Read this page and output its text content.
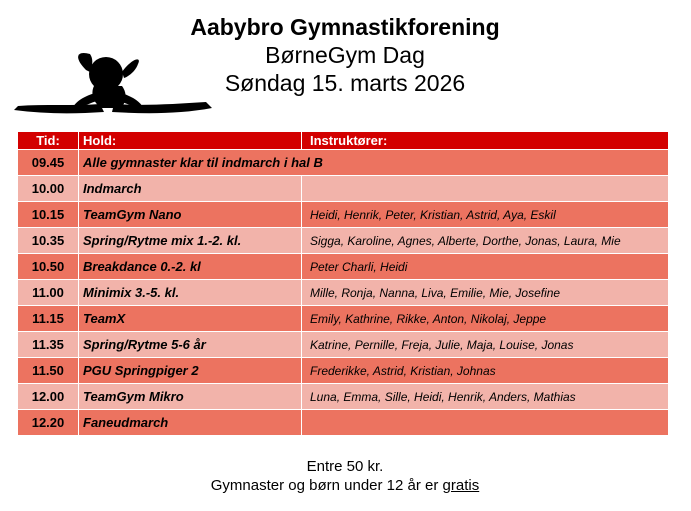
Aabybro Gymnastikforening
BørneGym Dag
Søndag 15. marts 2026
Tid:	Hold:	Instruktører:
09.45	Alle gymnaster klar til indmarch i hal B	
10.00	Indmarch	
10.15	TeamGym Nano	Heidi, Henrik, Peter, Kristian, Astrid, Aya, Eskil
10.35	Spring/Rytme mix 1.-2. kl.	Sigga, Karoline, Agnes, Alberte, Dorthe, Jonas, Laura, Mie
10.50	Breakdance 0.-2. kl	Peter Charli, Heidi
11.00	Minimix 3.-5. kl.	Mille, Ronja, Nanna, Liva, Emilie, Mie, Josefine
11.15	TeamX	Emily, Kathrine, Rikke, Anton, Nikolaj, Jeppe
11.35	Spring/Rytme 5-6 år	Katrine, Pernille, Freja, Julie, Maja, Louise, Jonas
11.50	PGU Springpiger 2	Frederikke, Astrid, Kristian, Johnas
12.00	TeamGym Mikro	Luna, Emma, Sille, Heidi, Henrik, Anders, Mathias
12.20	Faneudmarch	
Entre 50 kr.
Gymnaster og børn under 12 år er gratis
